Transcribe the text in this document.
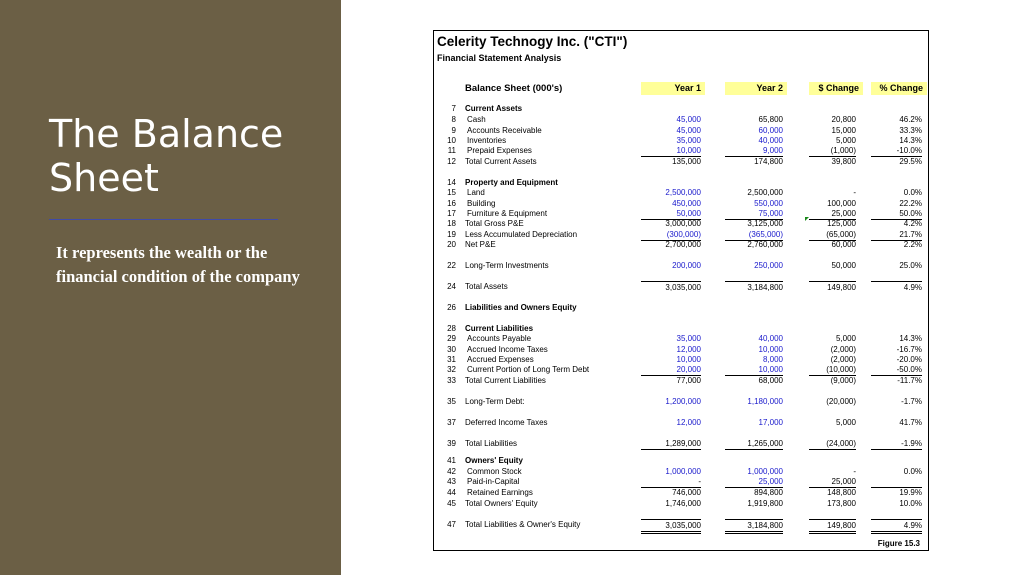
The Balance Sheet

It represents the wealth or the financial condition of the company

Celerity Technogy Inc. ("CTI")
Financial Statement Analysis
Balance Sheet (000's)	Year 1	Year 2	$ Change	% Change
7 Current Assets
8 Cash	45,000	65,800	20,800	46.2%
9 Accounts Receivable	45,000	60,000	15,000	33.3%
10 Inventories	35,000	40,000	5,000	14.3%
11 Prepaid Expenses	10,000	9,000	(1,000)	-10.0%
12 Total Current Assets	135,000	174,800	39,800	29.5%
14 Property and Equipment
15 Land	2,500,000	2,500,000	-	0.0%
16 Building	450,000	550,000	100,000	22.2%
17 Furniture & Equipment	50,000	75,000	25,000	50.0%
18 Total Gross P&E	3,000,000	3,125,000	125,000	4.2%
19 Less Accumulated Depreciation	(300,000)	(365,000)	(65,000)	21.7%
20 Net P&E	2,700,000	2,760,000	60,000	2.2%
22 Long-Term Investments	200,000	250,000	50,000	25.0%
24 Total Assets	3,035,000	3,184,800	149,800	4.9%
26 Liabilities and Owners Equity
28 Current Liabilities
29 Accounts Payable	35,000	40,000	5,000	14.3%
30 Accrued Income Taxes	12,000	10,000	(2,000)	-16.7%
31 Accrued Expenses	10,000	8,000	(2,000)	-20.0%
32 Current Portion of Long Term Debt	20,000	10,000	(10,000)	-50.0%
33 Total Current Liabilities	77,000	68,000	(9,000)	-11.7%
35 Long-Term Debt:	1,200,000	1,180,000	(20,000)	-1.7%
37 Deferred Income Taxes	12,000	17,000	5,000	41.7%
39 Total Liabilities	1,289,000	1,265,000	(24,000)	-1.9%
41 Owners' Equity
42 Common Stock	1,000,000	1,000,000	-	0.0%
43 Paid-in-Capital	-	25,000	25,000
44 Retained Earnings	746,000	894,800	148,800	19.9%
45 Total Owners' Equity	1,746,000	1,919,800	173,800	10.0%
47 Total Liabilities & Owner's Equity	3,035,000	3,184,800	149,800	4.9%
Figure 15.3
